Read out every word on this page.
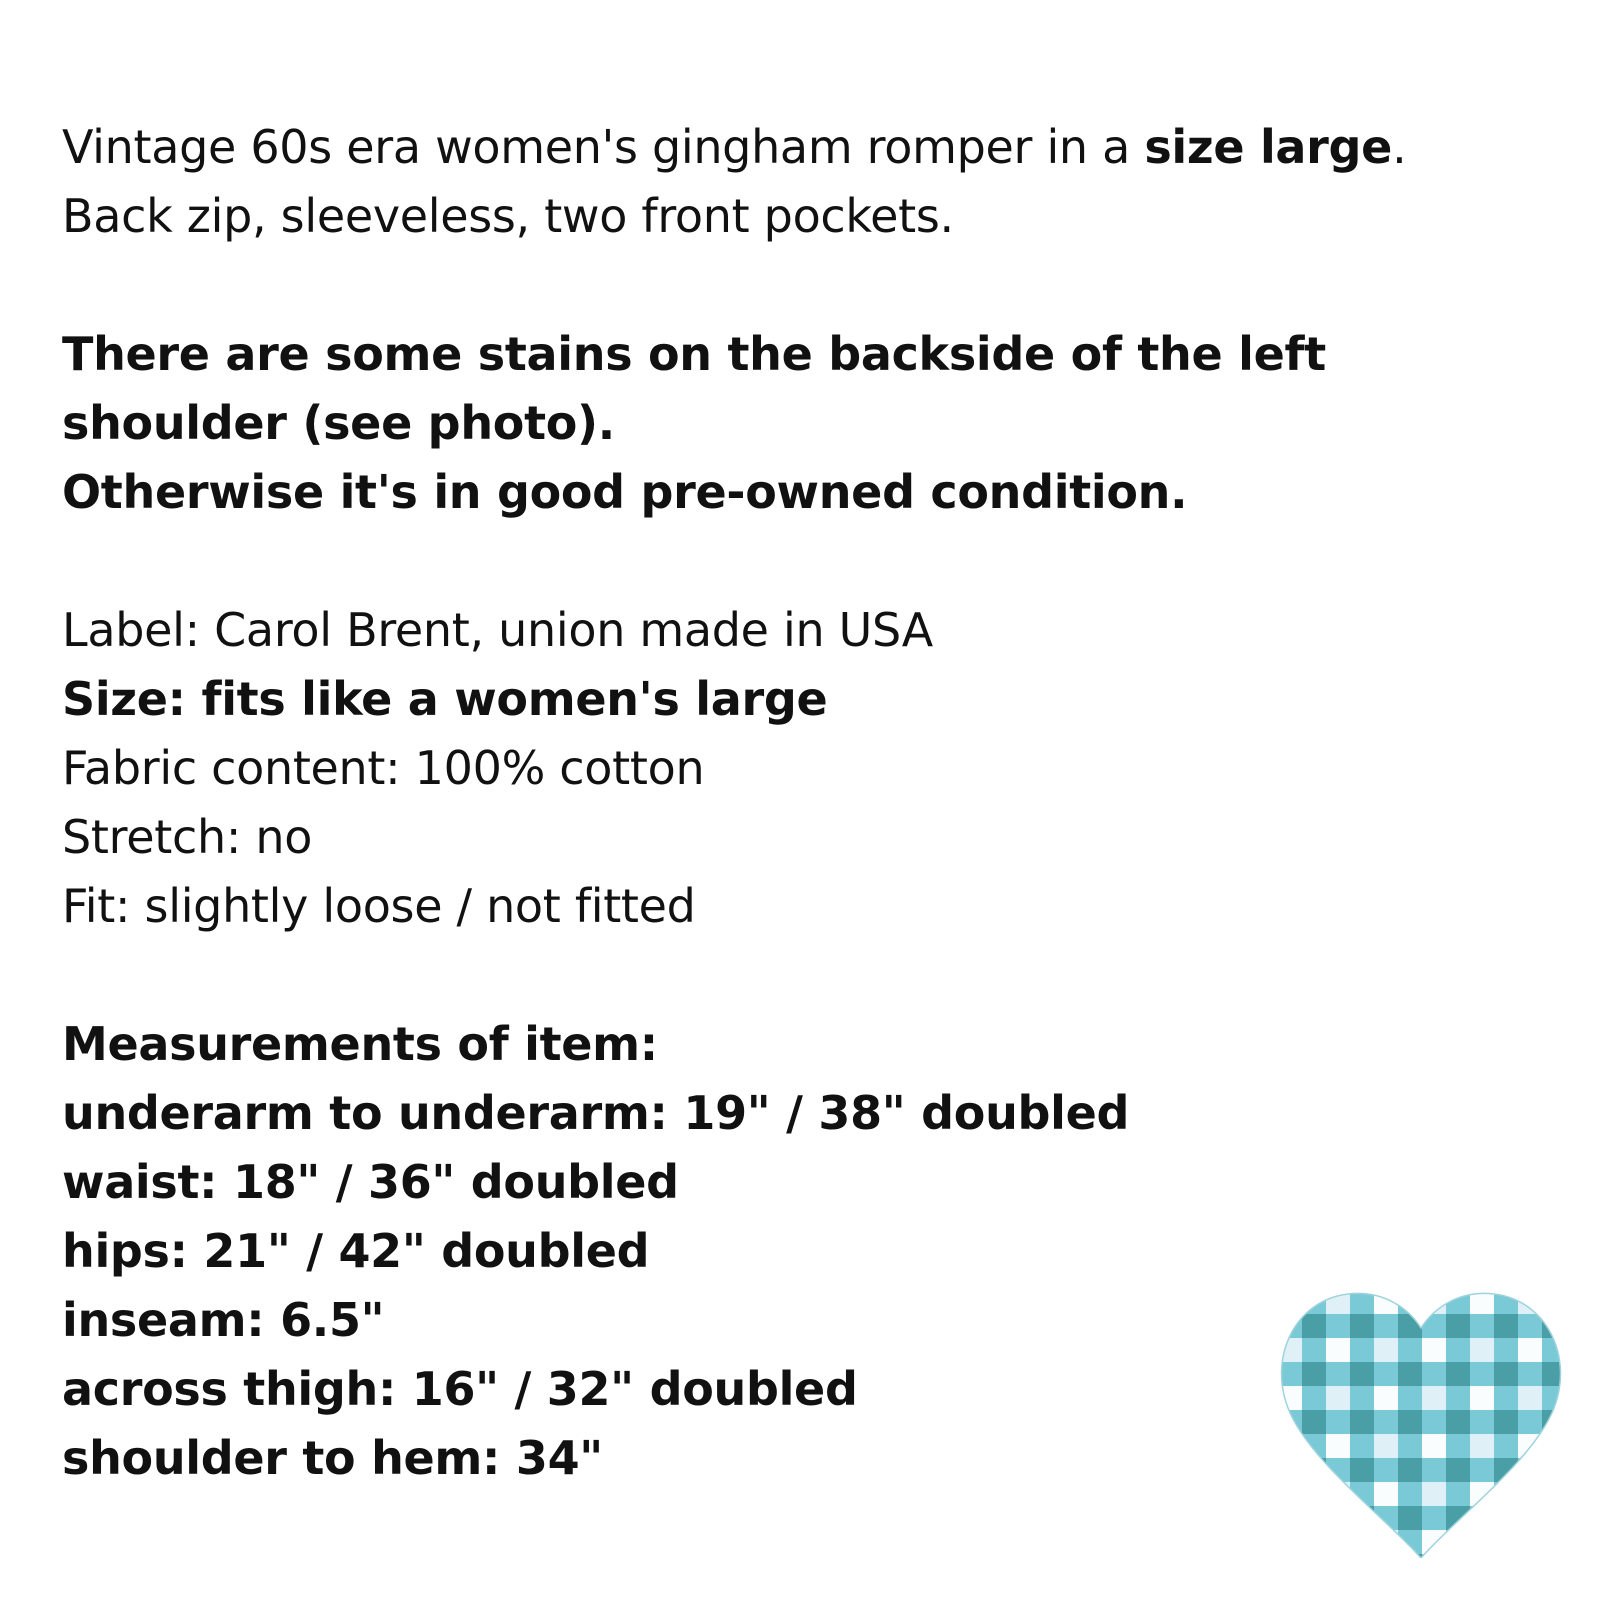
Vintage 60s era women's gingham romper in a size large.

Back zip, sleeveless, two front pockets.

There are some stains on the backside of the left

shoulder (see photo).

Otherwise it's in good pre-owned condition.

Label: Carol Brent, union made in USA

Size: fits like a women's large

Fabric content: 100% cotton

Stretch: no

Fit: slightly loose / not fitted

Measurements of item:

underarm to underarm: 19" / 38" doubled

waist: 18" / 36" doubled

hips: 21" / 42" doubled

inseam: 6.5"

across thigh: 16" / 32" doubled

shoulder to hem: 34"
